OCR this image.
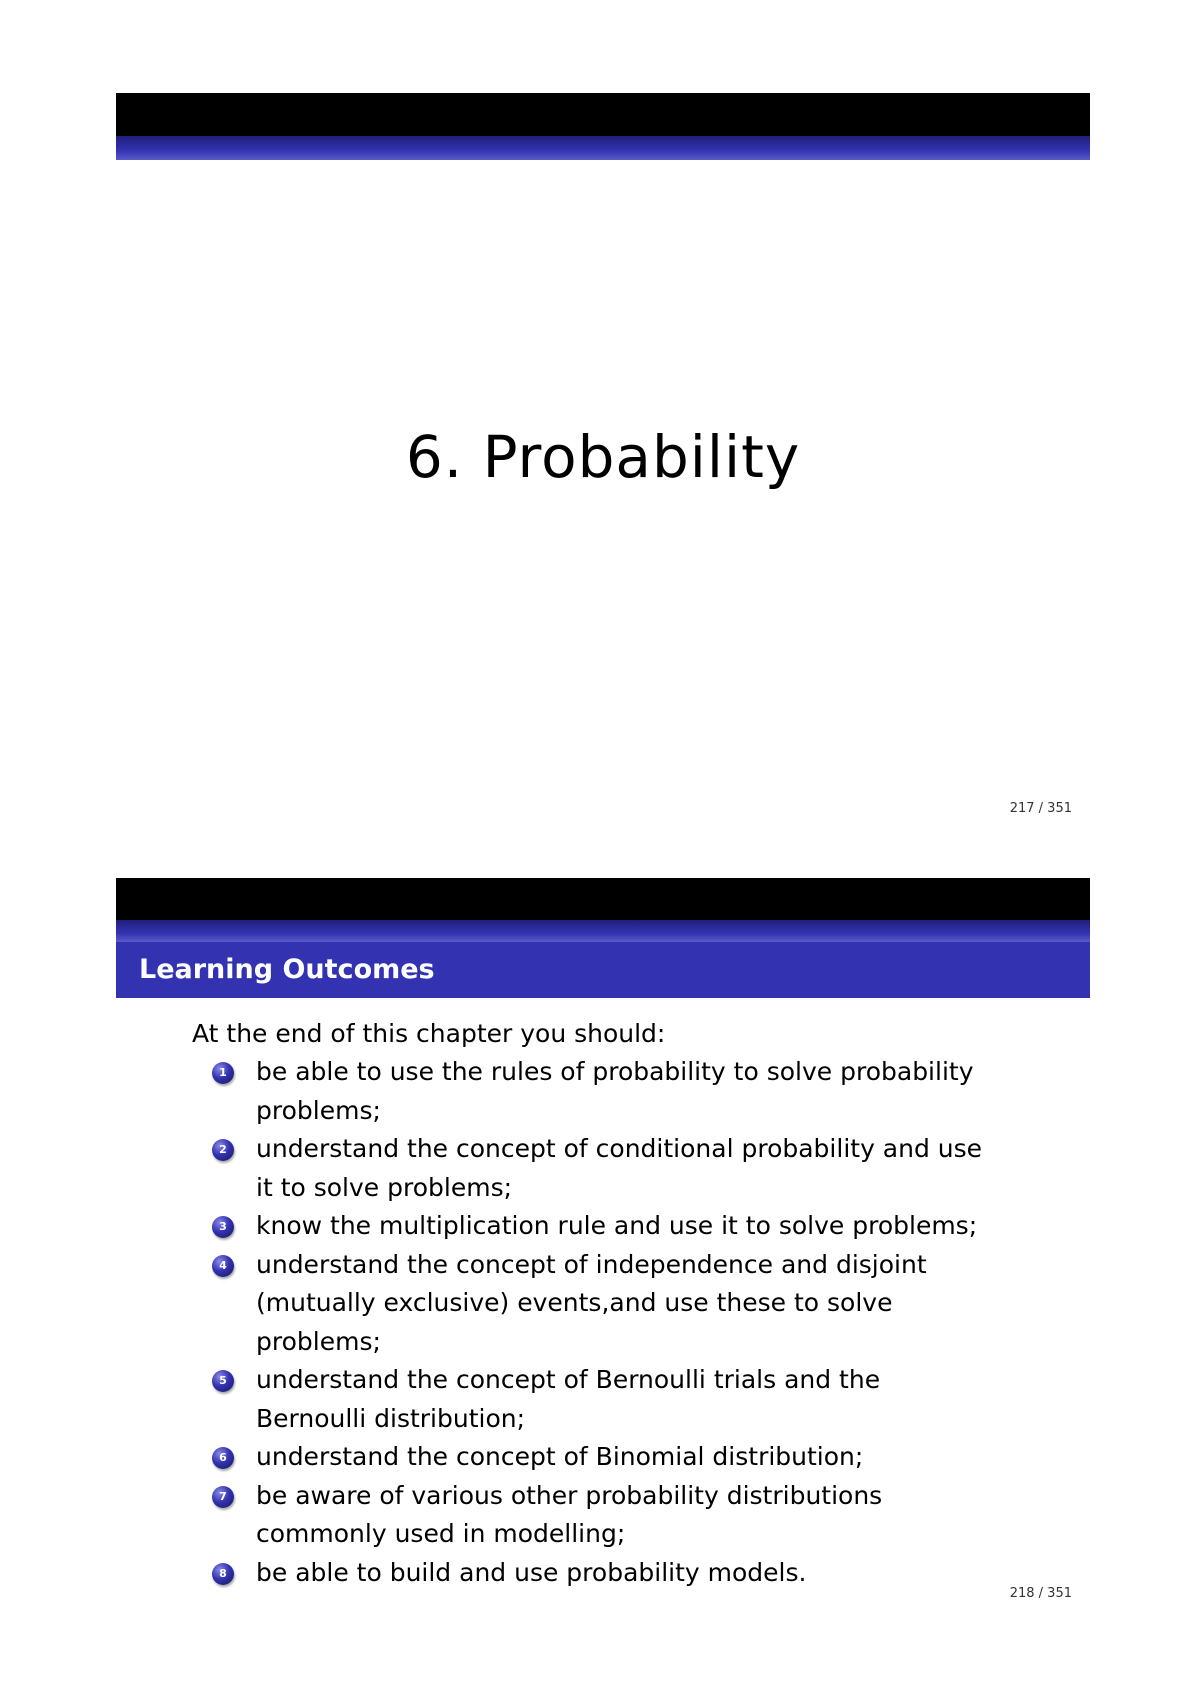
6. Probability
217 / 351
Learning Outcomes
At the end of this chapter you should:
1 be able to use the rules of probability to solve probability problems;
2 understand the concept of conditional probability and use it to solve problems;
3 know the multiplication rule and use it to solve problems;
4 understand the concept of independence and disjoint (mutually exclusive) events,and use these to solve problems;
5 understand the concept of Bernoulli trials and the Bernoulli distribution;
6 understand the concept of Binomial distribution;
7 be aware of various other probability distributions commonly used in modelling;
8 be able to build and use probability models.
218 / 351
